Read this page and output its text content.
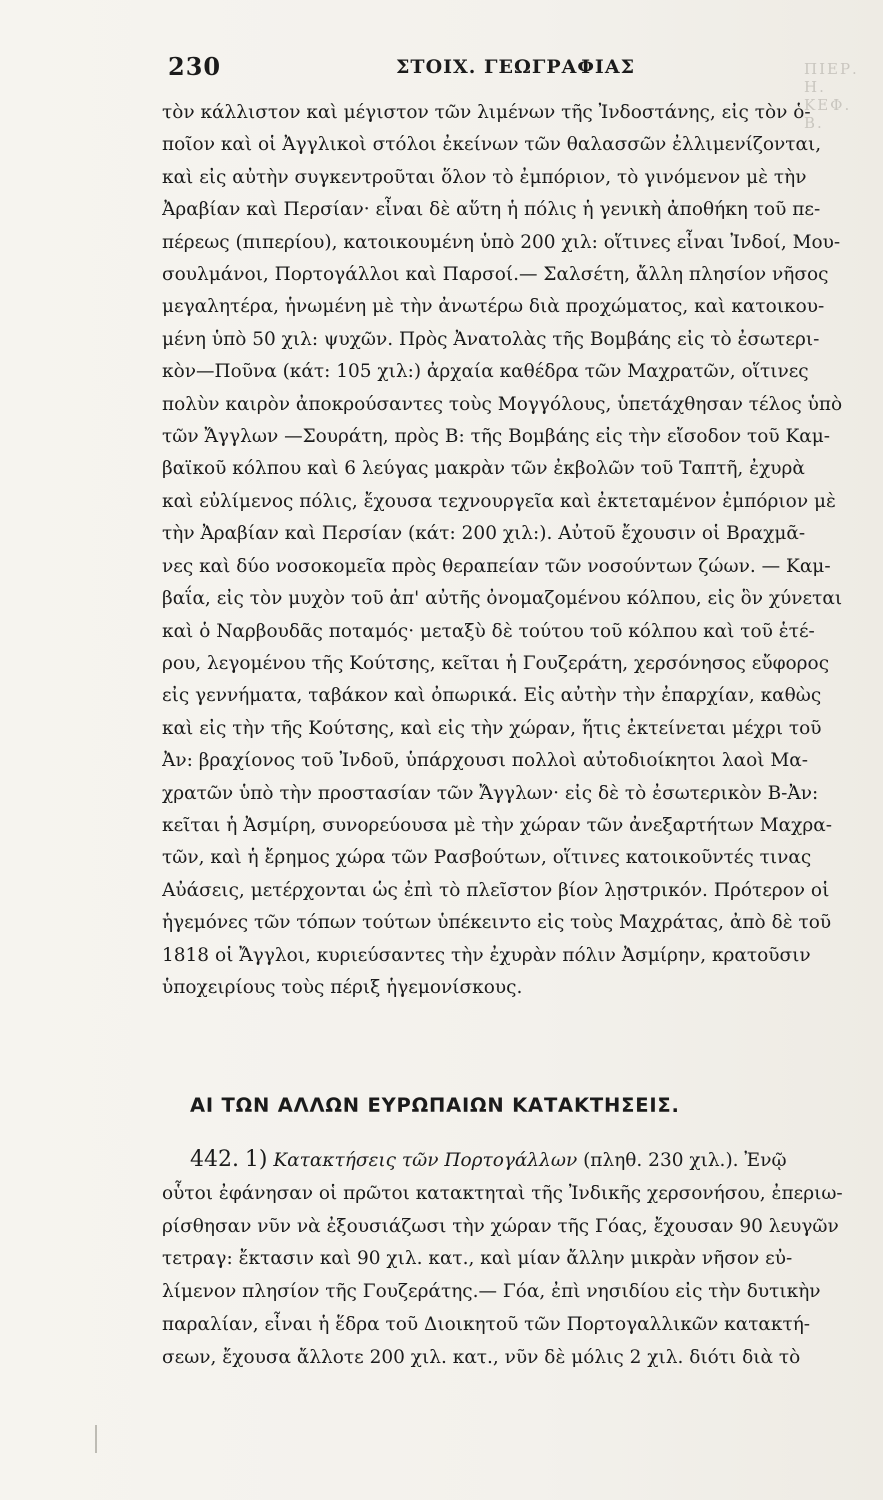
230	ΣΤΟΙΧ. ΓΕΩΓΡΑΦΙΑΣ	ΠΙΕΡ. Η. ΚΕΦ. Β.
τὸν κάλλιστον καὶ μέγιστον τῶν λιμένων τῆς Ἰνδοστάνης, εἰς τὸν ὁ-
ποῖον καὶ οἱ Ἀγγλικοὶ στόλοι ἐκείνων τῶν θαλασσῶν ἐλλιμενίζονται,
καὶ εἰς αὐτὴν συγκεντροῦται ὅλον τὸ ἐμπόριον, τὸ γινόμενον μὲ τὴν
Ἀραβίαν καὶ Περσίαν· εἶναι δὲ αὕτη ἡ πόλις ἡ γενικὴ ἀποθήκη τοῦ πε-
πέρεως (πιπερίου), κατοικουμένη ὑπὸ 200 χιλ: οἵτινες εἶναι Ἰνδοί, Μου-
σουλμάνοι, Πορτογάλλοι καὶ Παρσοί.— Σαλσέτη, ἄλλη πλησίον νῆσος
μεγαλητέρα, ἡνωμένη μὲ τὴν ἀνωτέρω διὰ προχώματος, καὶ κατοικου-
μένη ὑπὸ 50 χιλ: ψυχῶν. Πρὸς Ἀνατολὰς τῆς Βομβάης εἰς τὸ ἐσωτερι-
κὸν—Ποῦνα (κάτ: 105 χιλ:) ἀρχαία καθέδρα τῶν Μαχρατῶν, οἵτινες
πολὺν καιρὸν ἀποκρούσαντες τοὺς Μογγόλους, ὑπετάχθησαν τέλος ὑπὸ
τῶν Ἄγγλων —Σουράτη, πρὸς Β: τῆς Βομβάης εἰς τὴν εἴσοδον τοῦ Καμ-
βαϊκοῦ κόλπου καὶ 6 λεύγας μακρὰν τῶν ἐκβολῶν τοῦ Ταπτῆ, ἐχυρὰ
καὶ εὐλίμενος πόλις, ἔχουσα τεχνουργεῖα καὶ ἐκτεταμένον ἐμπόριον μὲ
τὴν Ἀραβίαν καὶ Περσίαν (κάτ: 200 χιλ:). Αὐτοῦ ἔχουσιν οἱ Βραχμᾶ-
νες καὶ δύο νοσοκομεῖα πρὸς θεραπείαν τῶν νοσούντων ζώων. — Καμ-
βαΐα, εἰς τὸν μυχὸν τοῦ ἀπ' αὐτῆς ὀνομαζομένου κόλπου, εἰς ὃν χύνεται
καὶ ὁ Ναρβουδᾶς ποταμός· μεταξὺ δὲ τούτου τοῦ κόλπου καὶ τοῦ ἑτέ-
ρου, λεγομένου τῆς Κούτσης, κεῖται ἡ Γουζεράτη, χερσόνησος εὔφορος
εἰς γεννήματα, ταβάκον καὶ ὀπωρικά. Εἰς αὐτὴν τὴν ἐπαρχίαν, καθὼς
καὶ εἰς τὴν τῆς Κούτσης, καὶ εἰς τὴν χώραν, ἥτις ἐκτείνεται μέχρι τοῦ
Ἀν: βραχίονος τοῦ Ἰνδοῦ, ὑπάρχουσι πολλοὶ αὐτοδιοίκητοι λαοὶ Μα-
χρατῶν ὑπὸ τὴν προστασίαν τῶν Ἄγγλων· εἰς δὲ τὸ ἐσωτερικὸν Β-Ἀν:
κεῖται ἡ Ἀσμίρη, συνορεύουσα μὲ τὴν χώραν τῶν ἀνεξαρτήτων Μαχρα-
τῶν, καὶ ἡ ἔρημος χώρα τῶν Ρασβούτων, οἵτινες κατοικοῦντές τινας
Αὐάσεις, μετέρχονται ὡς ἐπὶ τὸ πλεῖστον βίον λῃστρικόν. Πρότερον οἱ
ἡγεμόνες τῶν τόπων τούτων ὑπέκειντο εἰς τοὺς Μαχράτας, ἀπὸ δὲ τοῦ
1818 οἱ Ἄγγλοι, κυριεύσαντες τὴν ἐχυρὰν πόλιν Ἀσμίρην, κρατοῦσιν
ὑποχειρίους τοὺς πέριξ ἡγεμονίσκους.
ΑΙ ΤΩΝ ΑΛΛΩΝ ΕΥΡΩΠΑΙΩΝ ΚΑΤΑΚΤΗΣΕΙΣ.
442. 1) Κατακτήσεις τῶν Πορτογάλλων (πληθ. 230 χιλ.). Ἐνῷ
οὗτοι ἐφάνησαν οἱ πρῶτοι κατακτηταὶ τῆς Ἰνδικῆς χερσονήσου, ἐπεριω-
ρίσθησαν νῦν νὰ ἐξουσιάζωσι τὴν χώραν τῆς Γόας, ἔχουσαν 90 λευγῶν
τετραγ: ἔκτασιν καὶ 90 χιλ. κατ., καὶ μίαν ἄλλην μικρὰν νῆσον εὐ-
λίμενον πλησίον τῆς Γουζεράτης.— Γόα, ἐπὶ νησιδίου εἰς τὴν δυτικὴν
παραλίαν, εἶναι ἡ ἕδρα τοῦ Διοικητοῦ τῶν Πορτογαλλικῶν κατακτή-
σεων, ἔχουσα ἄλλοτε 200 χιλ. κατ., νῦν δὲ μόλις 2 χιλ. διότι διὰ τὸ
